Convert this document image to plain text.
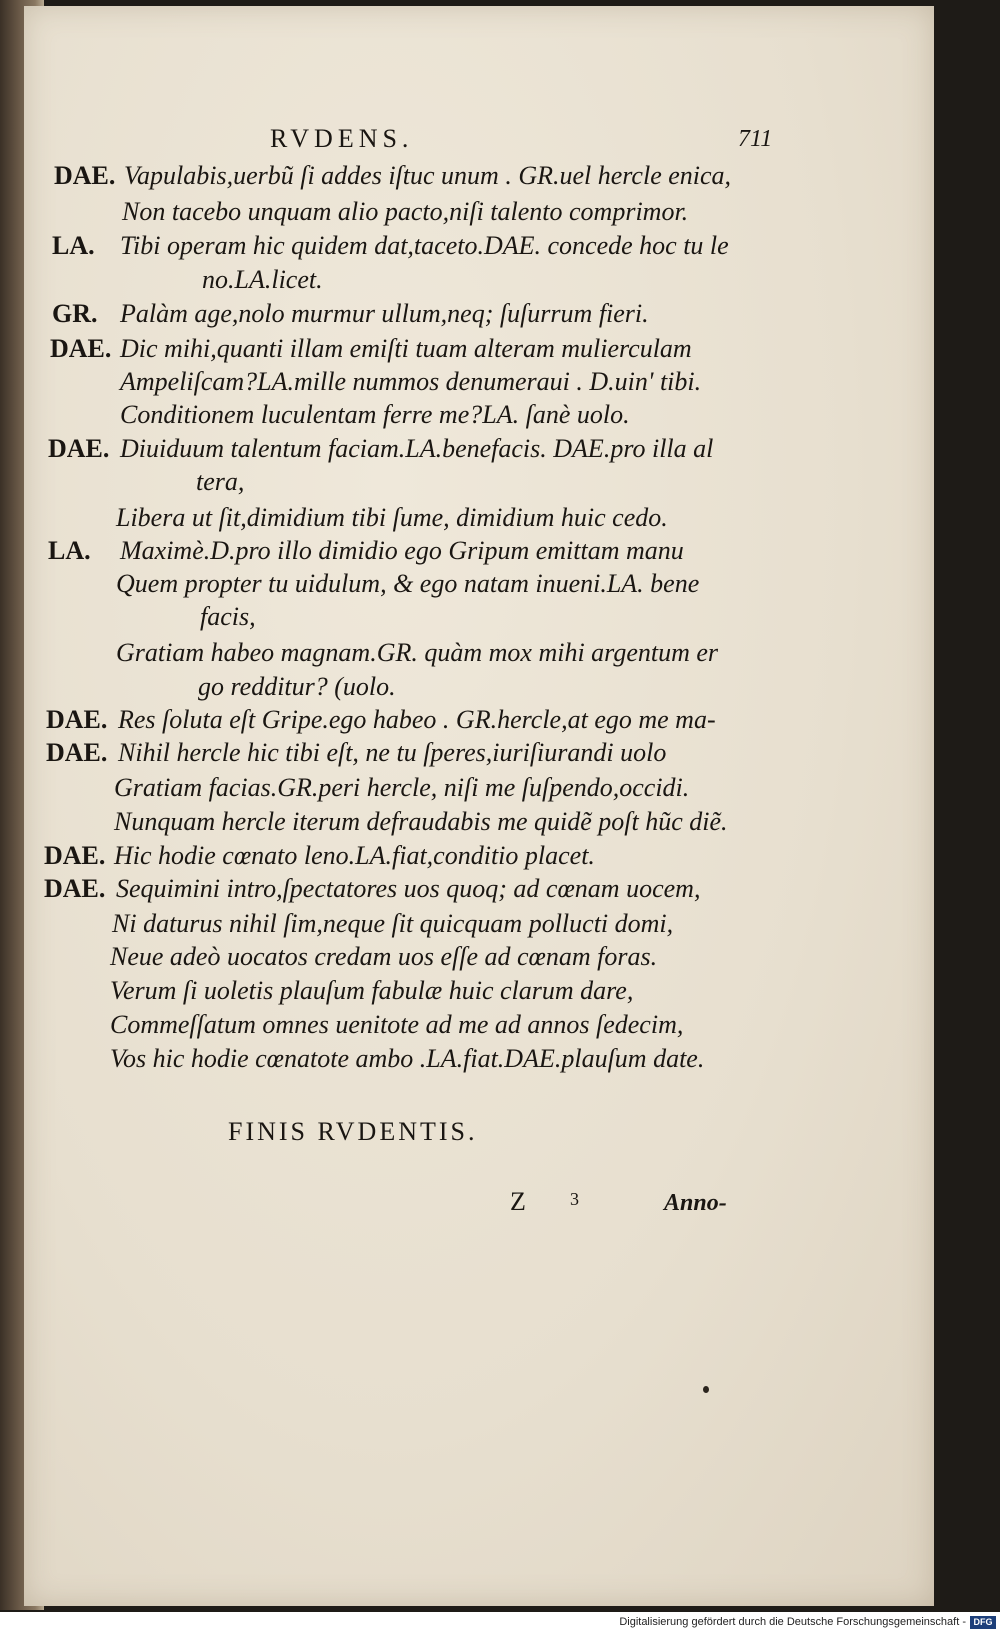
RVDENS.	711
DAE.
LA.
GR.
DAE.
DAE.
LA.
DAE.
DAE.
DAE.
DAE.
Vapulabis,uerbũ ſi addes iſtuc unum . GR.uel hercle enica,
Non tacebo unquam alio pacto,niſi talento comprimor.
Tibi operam hic quidem dat,taceto.DAE. concede hoc tu le
no.LA.licet.
Palàm age,nolo murmur ullum,neq; ſuſurrum fieri.
Dic mihi,quanti illam emiſti tuam alteram mulierculam
Ampeliſcam?LA.mille nummos denumeraui . D.uin' tibi.
Conditionem luculentam ferre me?LA. ſanè uolo.
Diuiduum talentum faciam.LA.benefacis. DAE.pro illa al
tera,
Libera ut ſit,dimidium tibi ſume, dimidium huic cedo.
Maximè.D.pro illo dimidio ego Gripum emittam manu
Quem propter tu uidulum, & ego natam inueni.LA. bene
facis,
Gratiam habeo magnam.GR. quàm mox mihi argentum er
go redditur? (uolo.
Res ſoluta eſt Gripe.ego habeo . GR.hercle,at ego me ma-
Nihil hercle hic tibi eſt, ne tu ſperes,iuriſiurandi uolo
Gratiam facias.GR.peri hercle, niſi me ſuſpendo,occidi.
Nunquam hercle iterum defraudabis me quidẽ poſt hũc diẽ.
Hic hodie cœnato leno.LA.fiat,conditio placet.
Sequimini intro,ſpectatores uos quoq; ad cœnam uocem,
Ni daturus nihil ſim,neque ſit quicquam pollucti domi,
Neue adeò uocatos credam uos eſſe ad cœnam foras.
Verum ſi uoletis plauſum fabulæ huic clarum dare,
Commeſſatum omnes uenitote ad me ad annos ſedecim,
Vos hic hodie cœnatote ambo .LA.fiat.DAE.plauſum date.
FINIS RVDENTIS.
Z 3	Anno-
Digitalisierung gefördert durch die Deutsche Forschungsgemeinschaft - DFG
